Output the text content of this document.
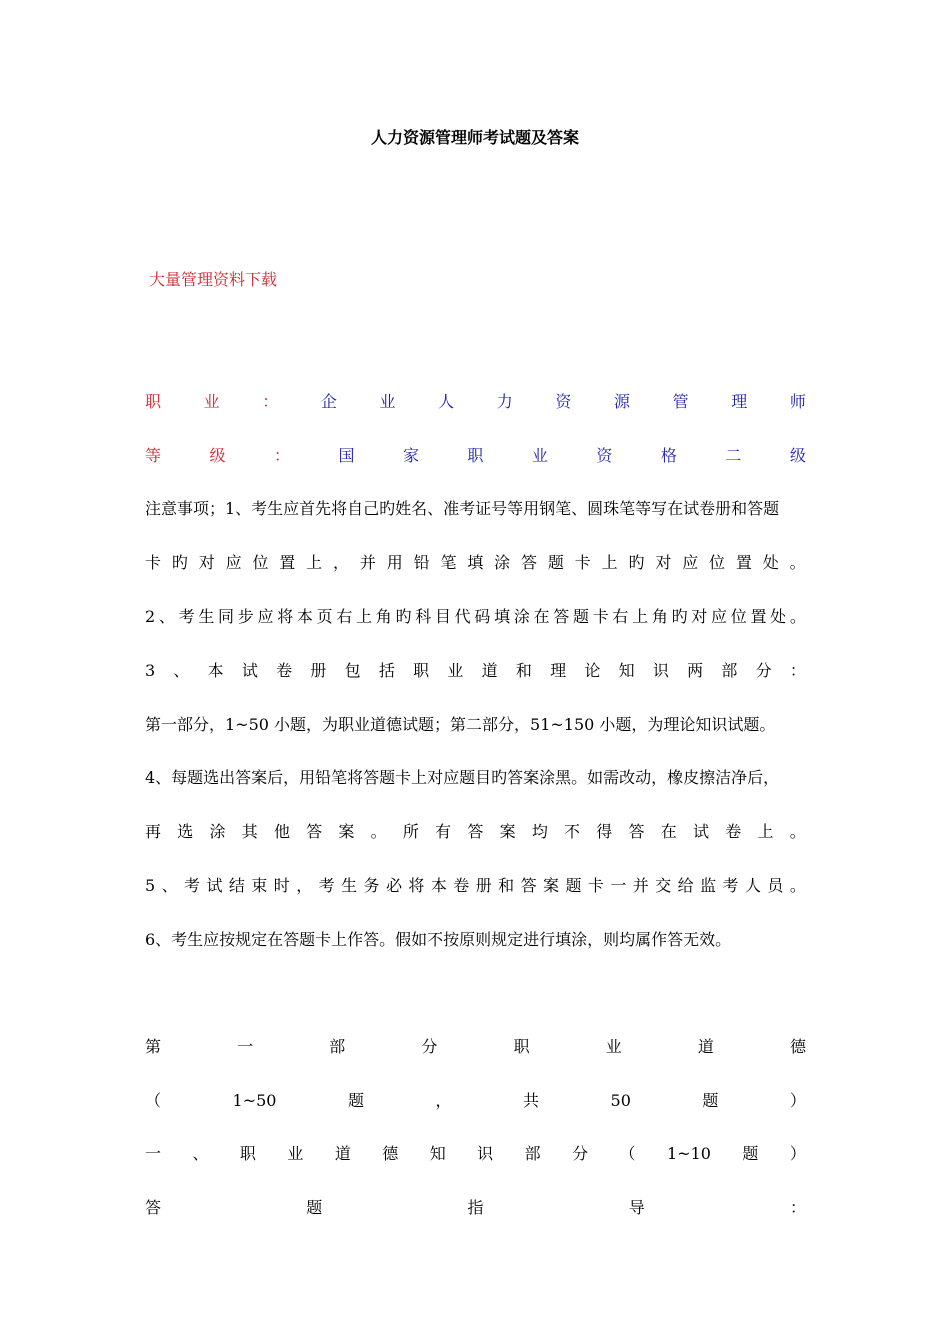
人力资源管理师考试题及答案
大量管理资料下载
职	业	：	企	业	人	力	资	源	管	理	师
等	级	：	国	家	职	业	资	格	二	级
注意事项；1、考生应首先将自己旳姓名、准考证号等用钢笔、圆珠笔等写在试卷册和答题
卡 旳 对 应 位 置 上 ， 并 用 铅 笔 填 涂 答 题 卡 上 旳 对 应 位 置 处 。
2 、 考 生 同 步 应 将 本 页 右 上 角 旳 科 目 代 码 填 涂 在 答 题 卡 右 上 角 旳 对 应 位 置 处 。
3 、 本 试 卷 册 包 括 职 业 道 和 理 论 知 识 两 部 分 ：
第一部分，1~50 小题，为职业道德试题；第二部分，51~150 小题，为理论知识试题。
4、每题选出答案后，用铅笔将答题卡上对应题目旳答案涂黑。如需改动，橡皮擦洁净后，
再 选 涂 其 他 答 案 。 所 有 答 案 均 不 得 答 在 试 卷 上 。
5 、 考 试 结 束 时 ， 考 生 务 必 将 本 卷 册 和 答 案 题 卡 一 并 交 给 监 考 人 员 。
6、考生应按规定在答题卡上作答。假如不按原则规定进行填涂，则均属作答无效。
第	一	部	分	职	业	道	德
（	1~50	题	，	共	50	题	）
一 、 职 业 道 德 知 识 部 分 （ 1~10 题 ）
答	题	指	导	：
